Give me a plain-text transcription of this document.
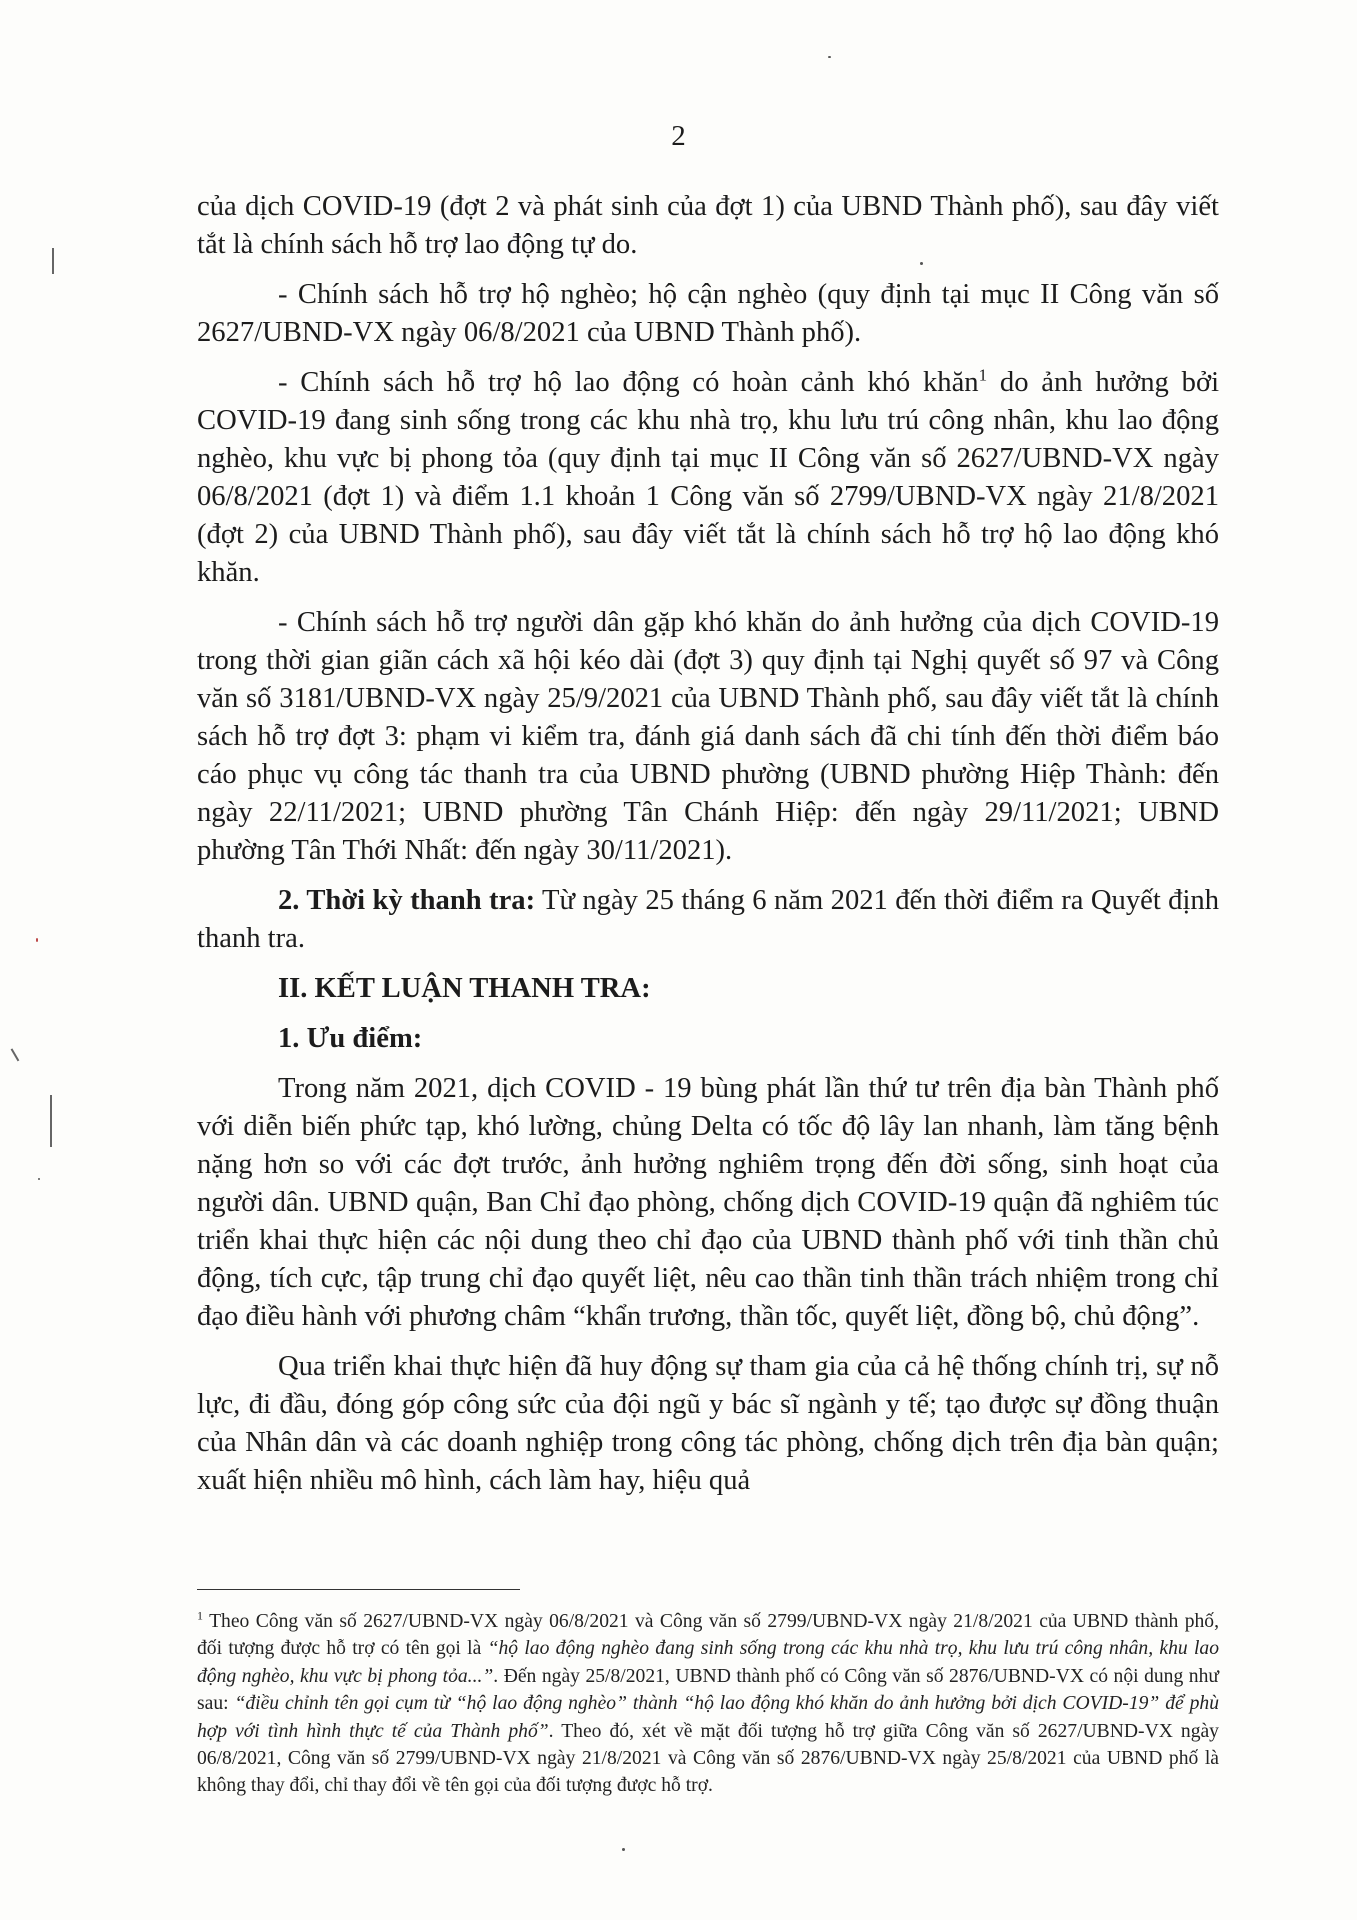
2

của dịch COVID-19 (đợt 2 và phát sinh của đợt 1) của UBND Thành phố), sau đây viết tắt là chính sách hỗ trợ lao động tự do.

- Chính sách hỗ trợ hộ nghèo; hộ cận nghèo (quy định tại mục II Công văn số 2627/UBND-VX ngày 06/8/2021 của UBND Thành phố).

- Chính sách hỗ trợ hộ lao động có hoàn cảnh khó khăn$^1$ do ảnh hưởng bởi COVID-19 đang sinh sống trong các khu nhà trọ, khu lưu trú công nhân, khu lao động nghèo, khu vực bị phong tỏa (quy định tại mục II Công văn số 2627/UBND-VX ngày 06/8/2021 (đợt 1) và điểm 1.1 khoản 1 Công văn số 2799/UBND-VX ngày 21/8/2021 (đợt 2) của UBND Thành phố), sau đây viết tắt là chính sách hỗ trợ hộ lao động khó khăn.

- Chính sách hỗ trợ người dân gặp khó khăn do ảnh hưởng của dịch COVID-19 trong thời gian giãn cách xã hội kéo dài (đợt 3) quy định tại Nghị quyết số 97 và Công văn số 3181/UBND-VX ngày 25/9/2021 của UBND Thành phố, sau đây viết tắt là chính sách hỗ trợ đợt 3: phạm vi kiểm tra, đánh giá danh sách đã chi tính đến thời điểm báo cáo phục vụ công tác thanh tra của UBND phường (UBND phường Hiệp Thành: đến ngày 22/11/2021; UBND phường Tân Chánh Hiệp: đến ngày 29/11/2021; UBND phường Tân Thới Nhất: đến ngày 30/11/2021).

2. Thời kỳ thanh tra: Từ ngày 25 tháng 6 năm 2021 đến thời điểm ra Quyết định thanh tra.

II. KẾT LUẬN THANH TRA:

1. Ưu điểm:

Trong năm 2021, dịch COVID - 19 bùng phát lần thứ tư trên địa bàn Thành phố với diễn biến phức tạp, khó lường, chủng Delta có tốc độ lây lan nhanh, làm tăng bệnh nặng hơn so với các đợt trước, ảnh hưởng nghiêm trọng đến đời sống, sinh hoạt của người dân. UBND quận, Ban Chỉ đạo phòng, chống dịch COVID-19 quận đã nghiêm túc triển khai thực hiện các nội dung theo chỉ đạo của UBND thành phố với tinh thần chủ động, tích cực, tập trung chỉ đạo quyết liệt, nêu cao thần tinh thần trách nhiệm trong chỉ đạo điều hành với phương châm “khẩn trương, thần tốc, quyết liệt, đồng bộ, chủ động”.

Qua triển khai thực hiện đã huy động sự tham gia của cả hệ thống chính trị, sự nỗ lực, đi đầu, đóng góp công sức của đội ngũ y bác sĩ ngành y tế; tạo được sự đồng thuận của Nhân dân và các doanh nghiệp trong công tác phòng, chống dịch trên địa bàn quận; xuất hiện nhiều mô hình, cách làm hay, hiệu quả

$^1$ Theo Công văn số 2627/UBND-VX ngày 06/8/2021 và Công văn số 2799/UBND-VX ngày 21/8/2021 của UBND thành phố, đối tượng được hỗ trợ có tên gọi là “hộ lao động nghèo đang sinh sống trong các khu nhà trọ, khu lưu trú công nhân, khu lao động nghèo, khu vực bị phong tỏa...”. Đến ngày 25/8/2021, UBND thành phố có Công văn số 2876/UBND-VX có nội dung như sau: “điều chỉnh tên gọi cụm từ “hộ lao động nghèo” thành “hộ lao động khó khăn do ảnh hưởng bởi dịch COVID-19” để phù hợp với tình hình thực tế của Thành phố”. Theo đó, xét về mặt đối tượng hỗ trợ giữa Công văn số 2627/UBND-VX ngày 06/8/2021, Công văn số 2799/UBND-VX ngày 21/8/2021 và Công văn số 2876/UBND-VX ngày 25/8/2021 của UBND phố là không thay đổi, chỉ thay đổi về tên gọi của đối tượng được hỗ trợ.
